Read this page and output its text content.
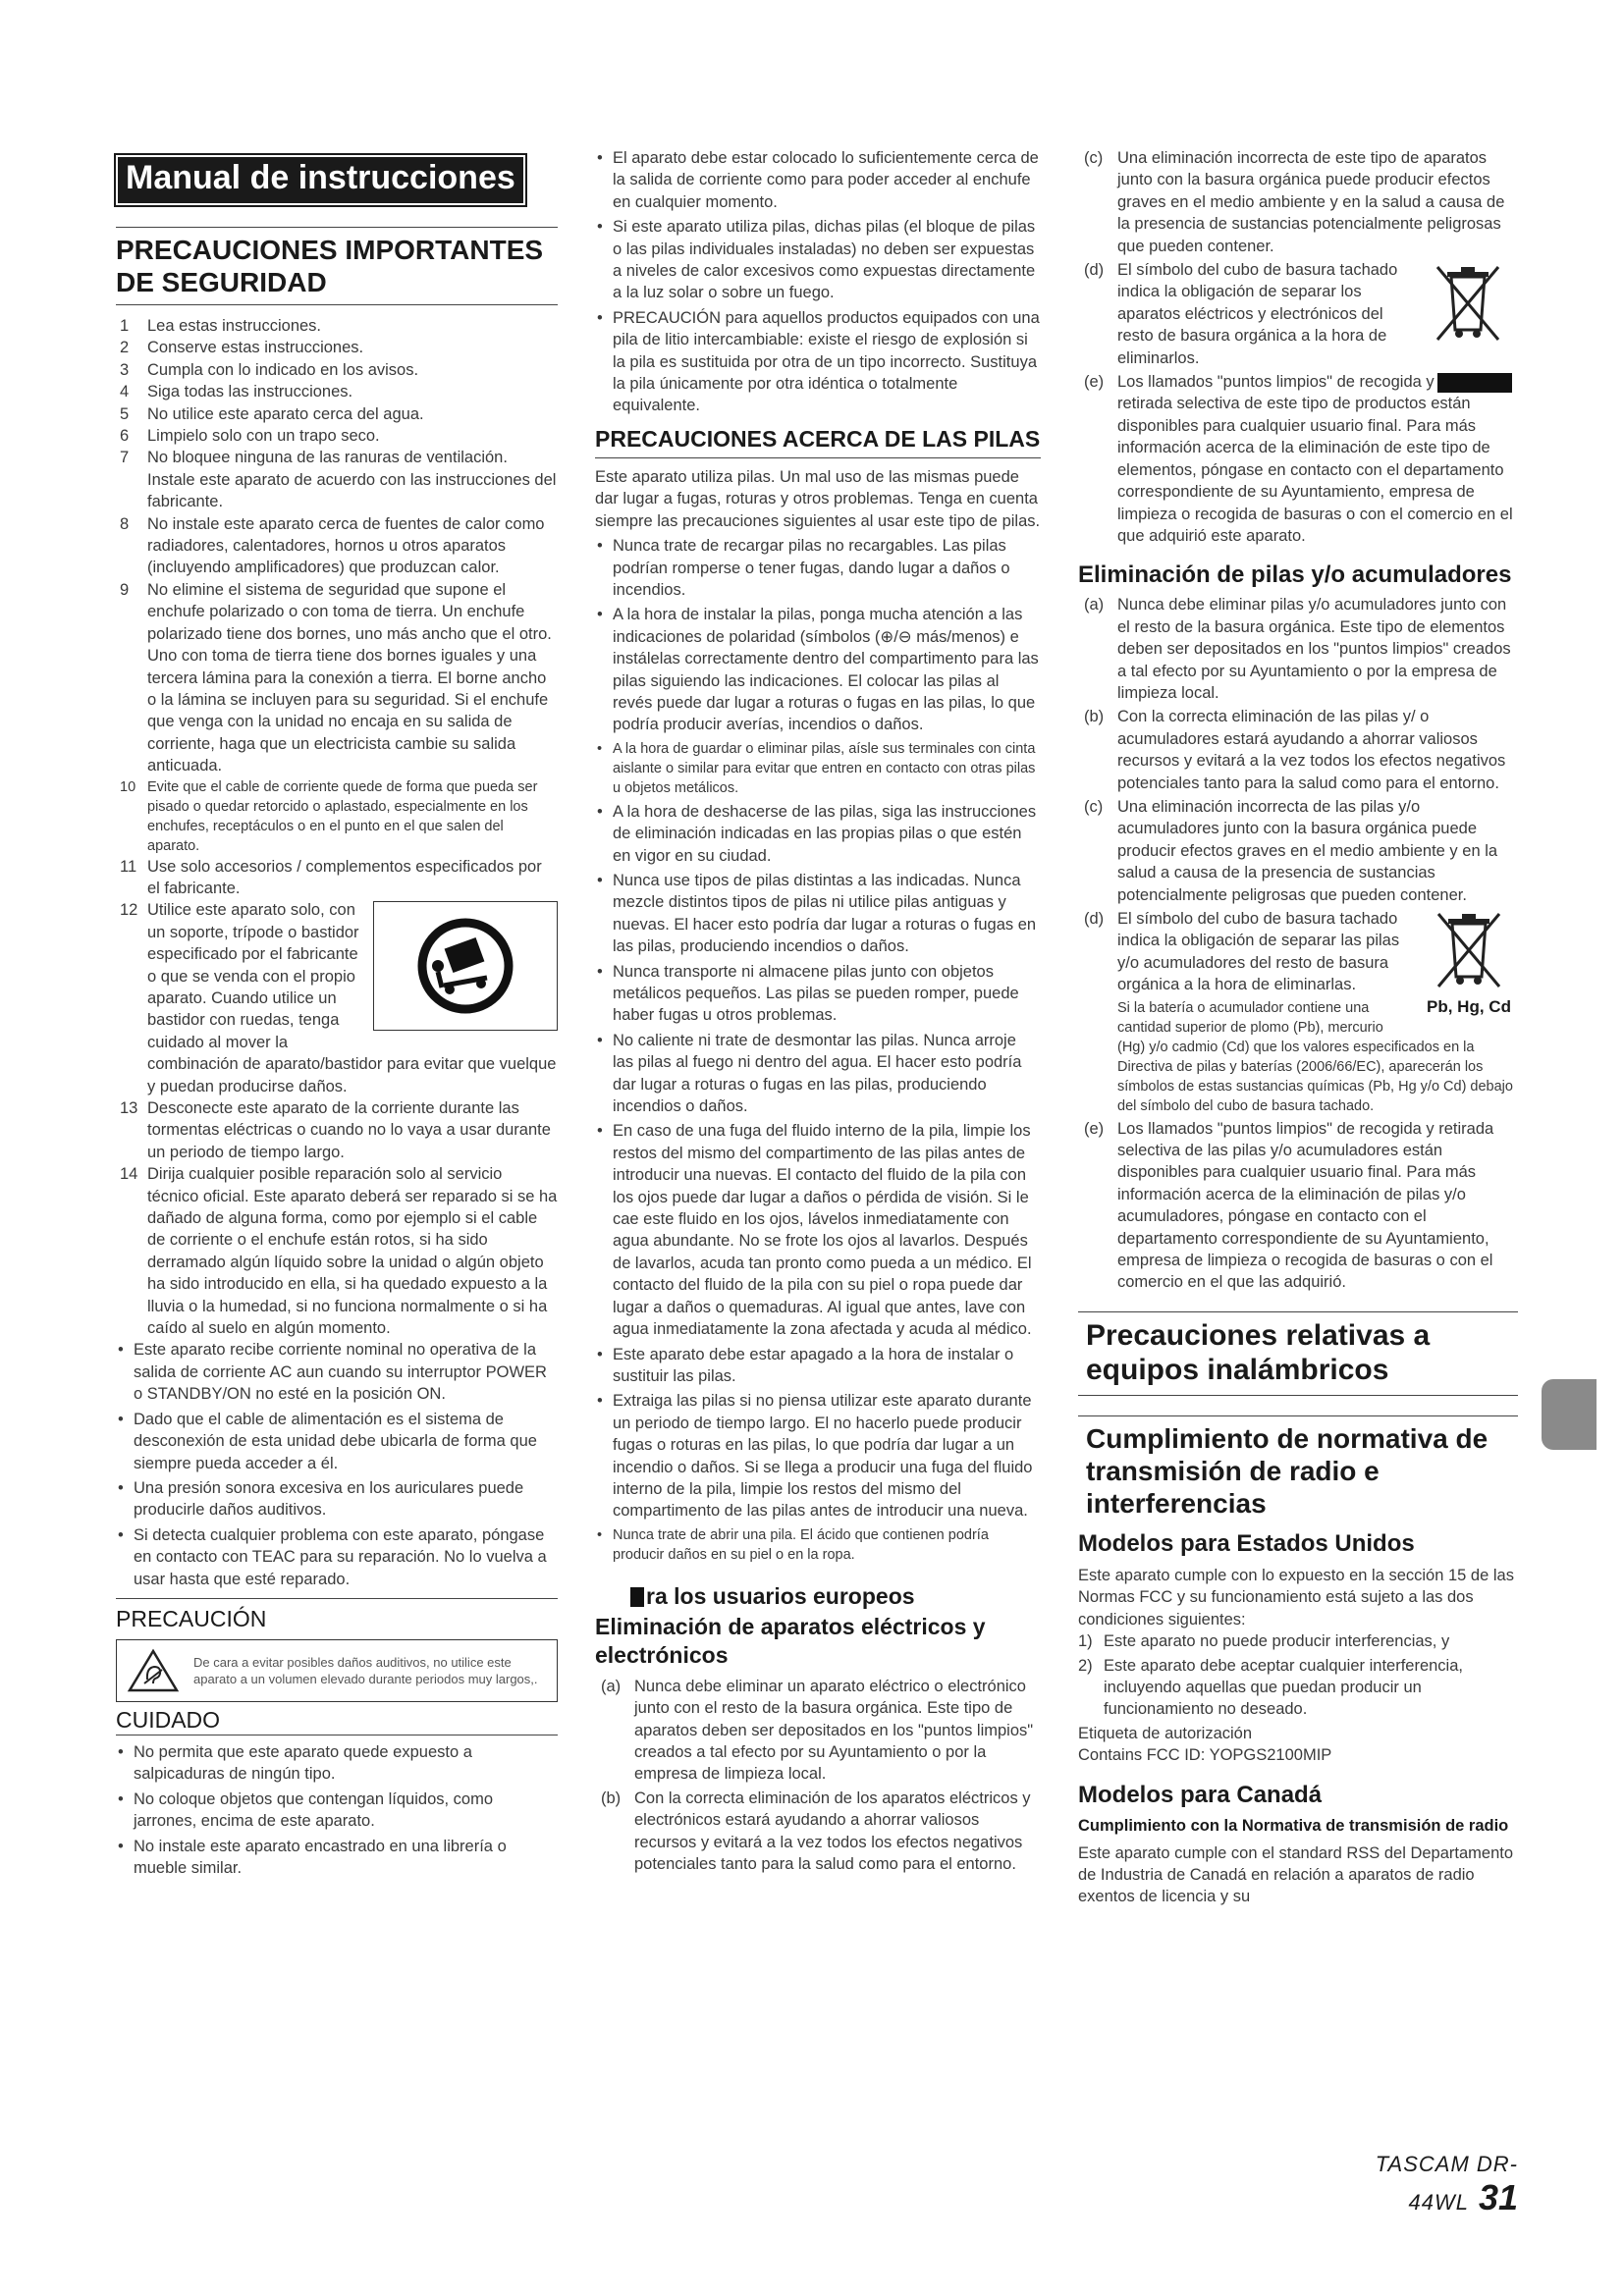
Manual de instrucciones
PRECAUCIONES IMPORTANTES DE SEGURIDAD
1 Lea estas instrucciones.
2 Conserve estas instrucciones.
3 Cumpla con lo indicado en los avisos.
4 Siga todas las instrucciones.
5 No utilice este aparato cerca del agua.
6 Limpielo solo con un trapo seco.
7 No bloquee ninguna de las ranuras de ventilación. Instale este aparato de acuerdo con las instrucciones del fabricante.
8 No instale este aparato cerca de fuentes de calor como radiadores, calentadores, hornos u otros aparatos (incluyendo amplificadores) que produzcan calor.
9 No elimine el sistema de seguridad que supone el enchufe polarizado o con toma de tierra. Un enchufe polarizado tiene dos bornes, uno más ancho que el otro. Uno con toma de tierra tiene dos bornes iguales y una tercera lámina para la conexión a tierra. El borne ancho o la lámina se incluyen para su seguridad. Si el enchufe que venga con la unidad no encaja en su salida de corriente, haga que un electricista cambie su salida anticuada.
10 Evite que el cable de corriente quede de forma que pueda ser pisado o quedar retorcido o aplastado, especialmente en los enchufes, receptáculos o en el punto en el que salen del aparato.
11 Use solo accesorios / complementos especificados por el fabricante.
12 Utilice este aparato solo, con un soporte, trípode o bastidor especificado por el fabricante o que se venda con el propio aparato. Cuando utilice un bastidor con ruedas, tenga cuidado al mover la combinación de aparato/bastidor para evitar que vuelque y puedan producirse daños.
13 Desconecte este aparato de la corriente durante las tormentas eléctricas o cuando no lo vaya a usar durante un periodo de tiempo largo.
14 Dirija cualquier posible reparación solo al servicio técnico oficial. Este aparato deberá ser reparado si se ha dañado de alguna forma, como por ejemplo si el cable de corriente o el enchufe están rotos, si ha sido derramado algún líquido sobre la unidad o algún objeto ha sido introducido en ella, si ha quedado expuesto a la lluvia o la humedad, si no funciona normalmente o si ha caído al suelo en algún momento.
• Este aparato recibe corriente nominal no operativa de la salida de corriente AC aun cuando su interruptor POWER o STANDBY/ON no esté en la posición ON.
• Dado que el cable de alimentación es el sistema de desconexión de esta unidad debe ubicarla de forma que siempre pueda acceder a él.
• Una presión sonora excesiva en los auriculares puede producirle daños auditivos.
• Si detecta cualquier problema con este aparato, póngase en contacto con TEAC para su reparación. No lo vuelva a usar hasta que esté reparado.
PRECAUCIÓN
De cara a evitar posibles daños auditivos, no utilice este aparato a un volumen elevado durante periodos muy largos,.
CUIDADO
• No permita que este aparato quede expuesto a salpicaduras de ningún tipo.
• No coloque objetos que contengan líquidos, como jarrones, encima de este aparato.
• No instale este aparato encastrado en una librería o mueble similar.
• El aparato debe estar colocado lo suficientemente cerca de la salida de corriente como para poder acceder al enchufe en cualquier momento.
• Si este aparato utiliza pilas, dichas pilas (el bloque de pilas o las pilas individuales instaladas) no deben ser expuestas a niveles de calor excesivos como expuestas directamente a la luz solar o sobre un fuego.
• PRECAUCIÓN para aquellos productos equipados con una pila de litio intercambiable: existe el riesgo de explosión si la pila es sustituida por otra de un tipo incorrecto. Sustituya la pila únicamente por otra idéntica o totalmente equivalente.
PRECAUCIONES ACERCA DE LAS PILAS
Este aparato utiliza pilas. Un mal uso de las mismas puede dar lugar a fugas, roturas y otros problemas. Tenga en cuenta siempre las precauciones siguientes al usar este tipo de pilas.
• Nunca trate de recargar pilas no recargables. Las pilas podrían romperse o tener fugas, dando lugar a daños o incendios.
• A la hora de instalar la pilas, ponga mucha atención a las indicaciones de polaridad (símbolos (⊕/⊖ más/menos) e instálelas correctamente dentro del compartimento para las pilas siguiendo las indicaciones. El colocar las pilas al revés puede dar lugar a roturas o fugas en las pilas, lo que podría producir averías, incendios o daños.
• A la hora de guardar o eliminar pilas, aísle sus terminales con cinta aislante o similar para evitar que entren en contacto con otras pilas u objetos metálicos.
• A la hora de deshacerse de las pilas, siga las instrucciones de eliminación indicadas en las propias pilas o que estén en vigor en su ciudad.
• Nunca use tipos de pilas distintas a las indicadas. Nunca mezcle distintos tipos de pilas ni utilice pilas antiguas y nuevas. El hacer esto podría dar lugar a roturas o fugas en las pilas, produciendo incendios o daños.
• Nunca transporte ni almacene pilas junto con objetos metálicos pequeños. Las pilas se pueden romper, puede haber fugas u otros problemas.
• No caliente ni trate de desmontar las pilas. Nunca arroje las pilas al fuego ni dentro del agua. El hacer esto podría dar lugar a roturas o fugas en las pilas, produciendo incendios o daños.
• En caso de una fuga del fluido interno de la pila, limpie los restos del mismo del compartimento de las pilas antes de introducir una nuevas. El contacto del fluido de la pila con los ojos puede dar lugar a daños o pérdida de visión. Si le cae este fluido en los ojos, lávelos inmediatamente con agua abundante. No se frote los ojos al lavarlos. Después de lavarlos, acuda tan pronto como pueda a un médico. El contacto del fluido de la pila con su piel o ropa puede dar lugar a daños o quemaduras. Al igual que antes, lave con agua inmediatamente la zona afectada y acuda al médico.
• Este aparato debe estar apagado a la hora de instalar o sustituir las pilas.
• Extraiga las pilas si no piensa utilizar este aparato durante un periodo de tiempo largo. El no hacerlo puede producir fugas o roturas en las pilas, lo que podría dar lugar a un incendio o daños. Si se llega a producir una fuga del fluido interno de la pila, limpie los restos del mismo del compartimento de las pilas antes de introducir una nueva.
• Nunca trate de abrir una pila. El ácido que contienen podría producir daños en su piel o en la ropa.
ra los usuarios europeos
Eliminación de aparatos eléctricos y electrónicos
(a) Nunca debe eliminar un aparato eléctrico o electrónico junto con el resto de la basura orgánica. Este tipo de aparatos deben ser depositados en los "puntos limpios" creados a tal efecto por su Ayuntamiento o por la empresa de limpieza local.
(b) Con la correcta eliminación de los aparatos eléctricos y electrónicos estará ayudando a ahorrar valiosos recursos y evitará a la vez todos los efectos negativos potenciales tanto para la salud como para el entorno.
(c) Una eliminación incorrecta de este tipo de aparatos junto con la basura orgánica puede producir efectos graves en el medio ambiente y en la salud a causa de la presencia de sustancias potencialmente peligrosas que pueden contener.
(d) El símbolo del cubo de basura tachado indica la obligación de separar los aparatos eléctricos y electrónicos del resto de basura orgánica a la hora de eliminarlos.
(e) Los llamados "puntos limpios" de recogida y retirada selectiva de este tipo de productos están disponibles para cualquier usuario final. Para más información acerca de la eliminación de este tipo de elementos, póngase en contacto con el departamento correspondiente de su Ayuntamiento, empresa de limpieza o recogida de basuras o con el comercio en el que adquirió este aparato.
Eliminación de pilas y/o acumuladores
(a) Nunca debe eliminar pilas y/o acumuladores junto con el resto de la basura orgánica. Este tipo de elementos deben ser depositados en los "puntos limpios" creados a tal efecto por su Ayuntamiento o por la empresa de limpieza local.
(b) Con la correcta eliminación de las pilas y/ o acumuladores estará ayudando a ahorrar valiosos recursos y evitará a la vez todos los efectos negativos potenciales tanto para la salud como para el entorno.
(c) Una eliminación incorrecta de las pilas y/o acumuladores junto con la basura orgánica puede producir efectos graves en el medio ambiente y en la salud a causa de la presencia de sustancias potencialmente peligrosas que pueden contener.
(d)
Pb, Hg, Cd
El símbolo del cubo de basura tachado indica la obligación de separar las pilas y/o acumuladores del resto de basura orgánica a la hora de eliminarlas.
Si la batería o acumulador contiene una cantidad superior de plomo (Pb), mercurio (Hg) y/o cadmio (Cd) que los valores especificados en la Directiva de pilas y baterías (2006/66/EC), aparecerán los símbolos de estas sustancias químicas (Pb, Hg y/o Cd) debajo del símbolo del cubo de basura tachado.
(e) Los llamados "puntos limpios" de recogida y retirada selectiva de las pilas y/o acumuladores están disponibles para cualquier usuario final. Para más información acerca de la eliminación de pilas y/o acumuladores, póngase en contacto con el departamento correspondiente de su Ayuntamiento, empresa de limpieza o recogida de basuras o con el comercio en el que las adquirió.
Precauciones relativas a equipos inalámbricos
Cumplimiento de normativa de transmisión de radio e interferencias
Modelos para Estados Unidos
Este aparato cumple con lo expuesto en la sección 15 de las Normas FCC y su funcionamiento está sujeto a las dos condiciones siguientes:
1) Este aparato no puede producir interferencias, y
2) Este aparato debe aceptar cualquier interferencia, incluyendo aquellas que puedan producir un funcionamiento no deseado.
Etiqueta de autorización
Contains FCC ID: YOPGS2100MIP
Modelos para Canadá
Cumplimiento con la Normativa de transmisión de radio
Este aparato cumple con el standard RSS del Departamento de Industria de Canadá en relación a aparatos de radio exentos de licencia y su
TASCAM DR-44WL 31
